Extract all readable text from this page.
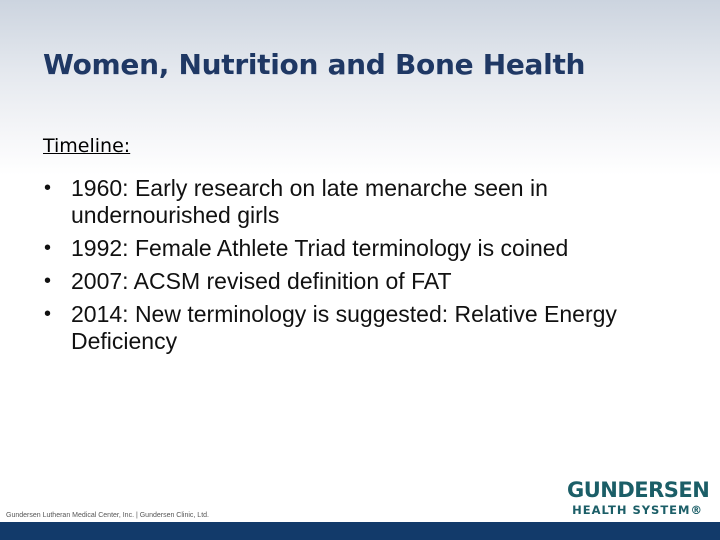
Women, Nutrition and Bone Health
Timeline:
• 1960: Early research on late menarche seen in undernourished girls
• 1992: Female Athlete Triad terminology is coined
• 2007: ACSM revised definition of FAT
• 2014: New terminology is suggested: Relative Energy Deficiency
Gundersen Lutheran Medical Center, Inc. | Gundersen Clinic, Ltd.
GUNDERSEN
HEALTH SYSTEM®
